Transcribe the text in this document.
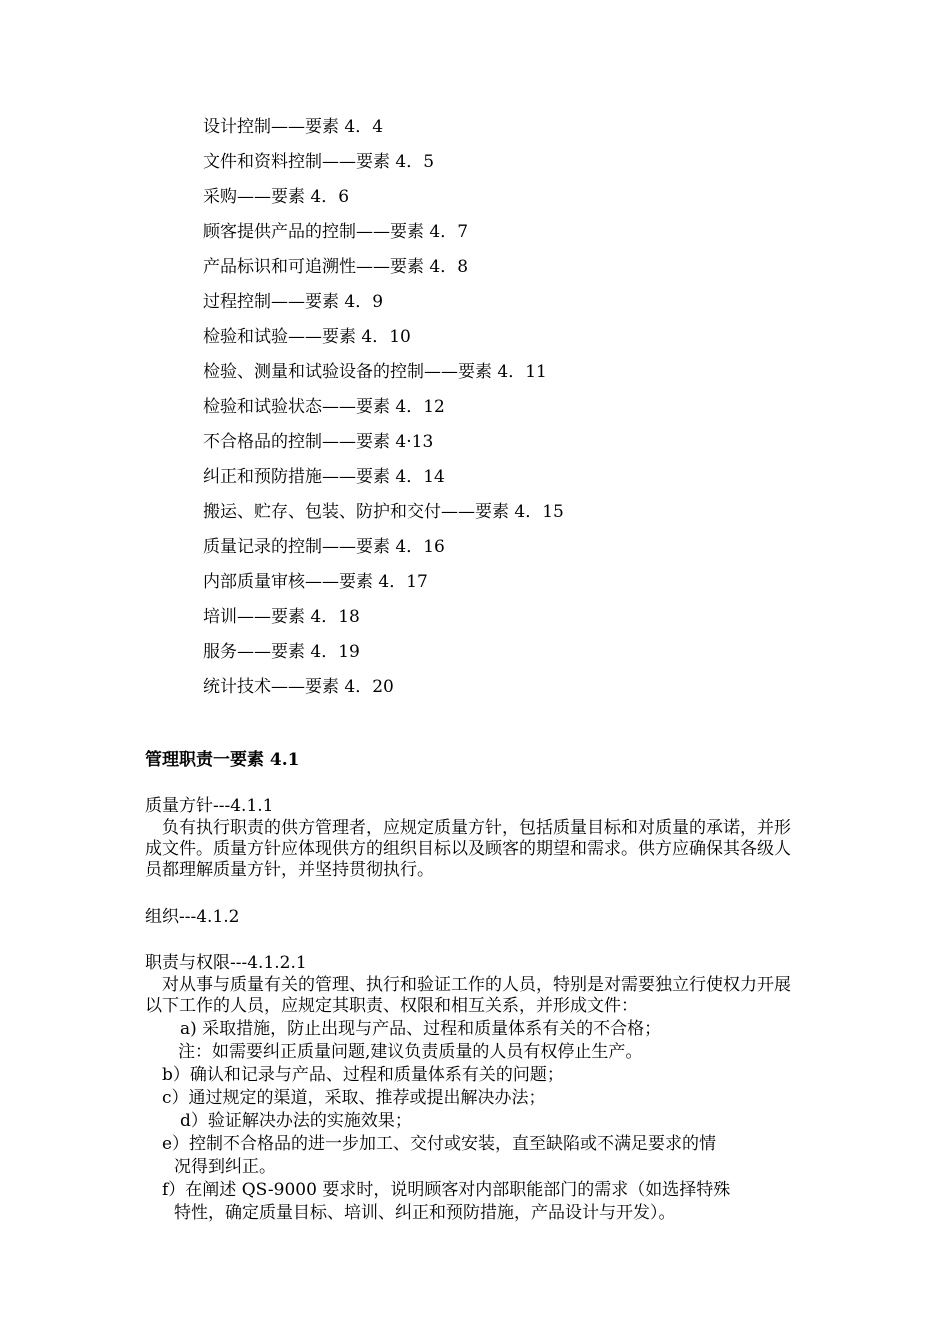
设计控制——要素 4．4
文件和资料控制——要素 4．5
采购——要素 4．6
顾客提供产品的控制——要素 4．7
产品标识和可追溯性——要素 4．8
过程控制——要素 4．9
检验和试验——要素 4．10
检验、测量和试验设备的控制——要素 4．11
检验和试验状态——要素 4．12
不合格品的控制——要素 4·13
纠正和预防措施——要素 4．14
搬运、贮存、包装、防护和交付——要素 4．15
质量记录的控制——要素 4．16
内部质量审核——要素 4．17
培训——要素 4．18
服务——要素 4．19
统计技术——要素 4．20
管理职责一要素 4.1
质量方针---4.1.1

负有执行职责的供方管理者，应规定质量方针，包括质量目标和对质量的承诺，并形成文件。质量方针应体现供方的组织目标以及顾客的期望和需求。供方应确保其各级人员都理解质量方针，并坚持贯彻执行。

组织---4.1.2
职责与权限---4.1.2.1

对从事与质量有关的管理、执行和验证工作的人员，特别是对需要独立行使权力开展以下工作的人员，应规定其职责、权限和相互关系，并形成文件：

a) 采取措施，防止出现与产品、过程和质量体系有关的不合格；
注：如需要纠正质量问题,建议负责质量的人员有权停止生产。
b）确认和记录与产品、过程和质量体系有关的问题；
c）通过规定的渠道，采取、推荐或提出解决办法；
d）验证解决办法的实施效果；
e）控制不合格品的进一步加工、交付或安装，直至缺陷或不满足要求的情
况得到纠正。
f）在阐述 QS-9000 要求时，说明顾客对内部职能部门的需求（如选择特殊
特性，确定质量目标、培训、纠正和预防措施，产品设计与开发）。
